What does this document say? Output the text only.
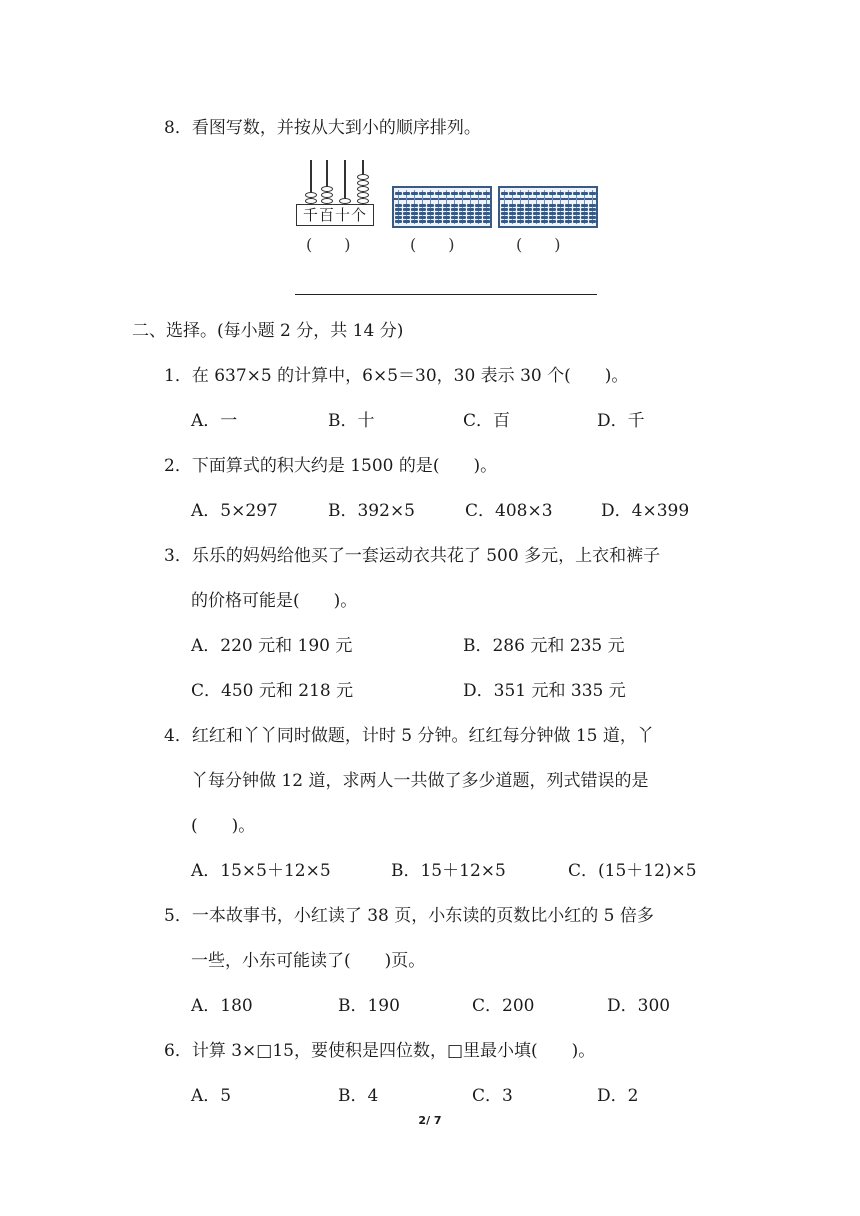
8．看图写数，并按从大到小的顺序排列。
千百十个
(　　)	(　　)	(　　)
二、选择。(每小题 2 分，共 14 分)
1．在 637×5 的计算中，6×5＝30，30 表示 30 个(　　)。
A．一	B．十	C．百	D．千
2．下面算式的积大约是 1500 的是(　　)。
A．5×297	B．392×5	C．408×3	D．4×399
3．乐乐的妈妈给他买了一套运动衣共花了 500 多元，上衣和裤子
的价格可能是(　　)。
A．220 元和 190 元	B．286 元和 235 元
C．450 元和 218 元	D．351 元和 335 元
4．红红和丫丫同时做题，计时 5 分钟。红红每分钟做 15 道，丫
丫每分钟做 12 道，求两人一共做了多少道题，列式错误的是
(　　)。
A．15×5＋12×5	B．15＋12×5	C．(15＋12)×5
5．一本故事书，小红读了 38 页，小东读的页数比小红的 5 倍多
一些，小东可能读了(　　)页。
A．180	B．190	C．200	D．300
6．计算 3×□15，要使积是四位数，□里最小填(　　)。
A．5	B．4	C．3	D．2
2/ 7
